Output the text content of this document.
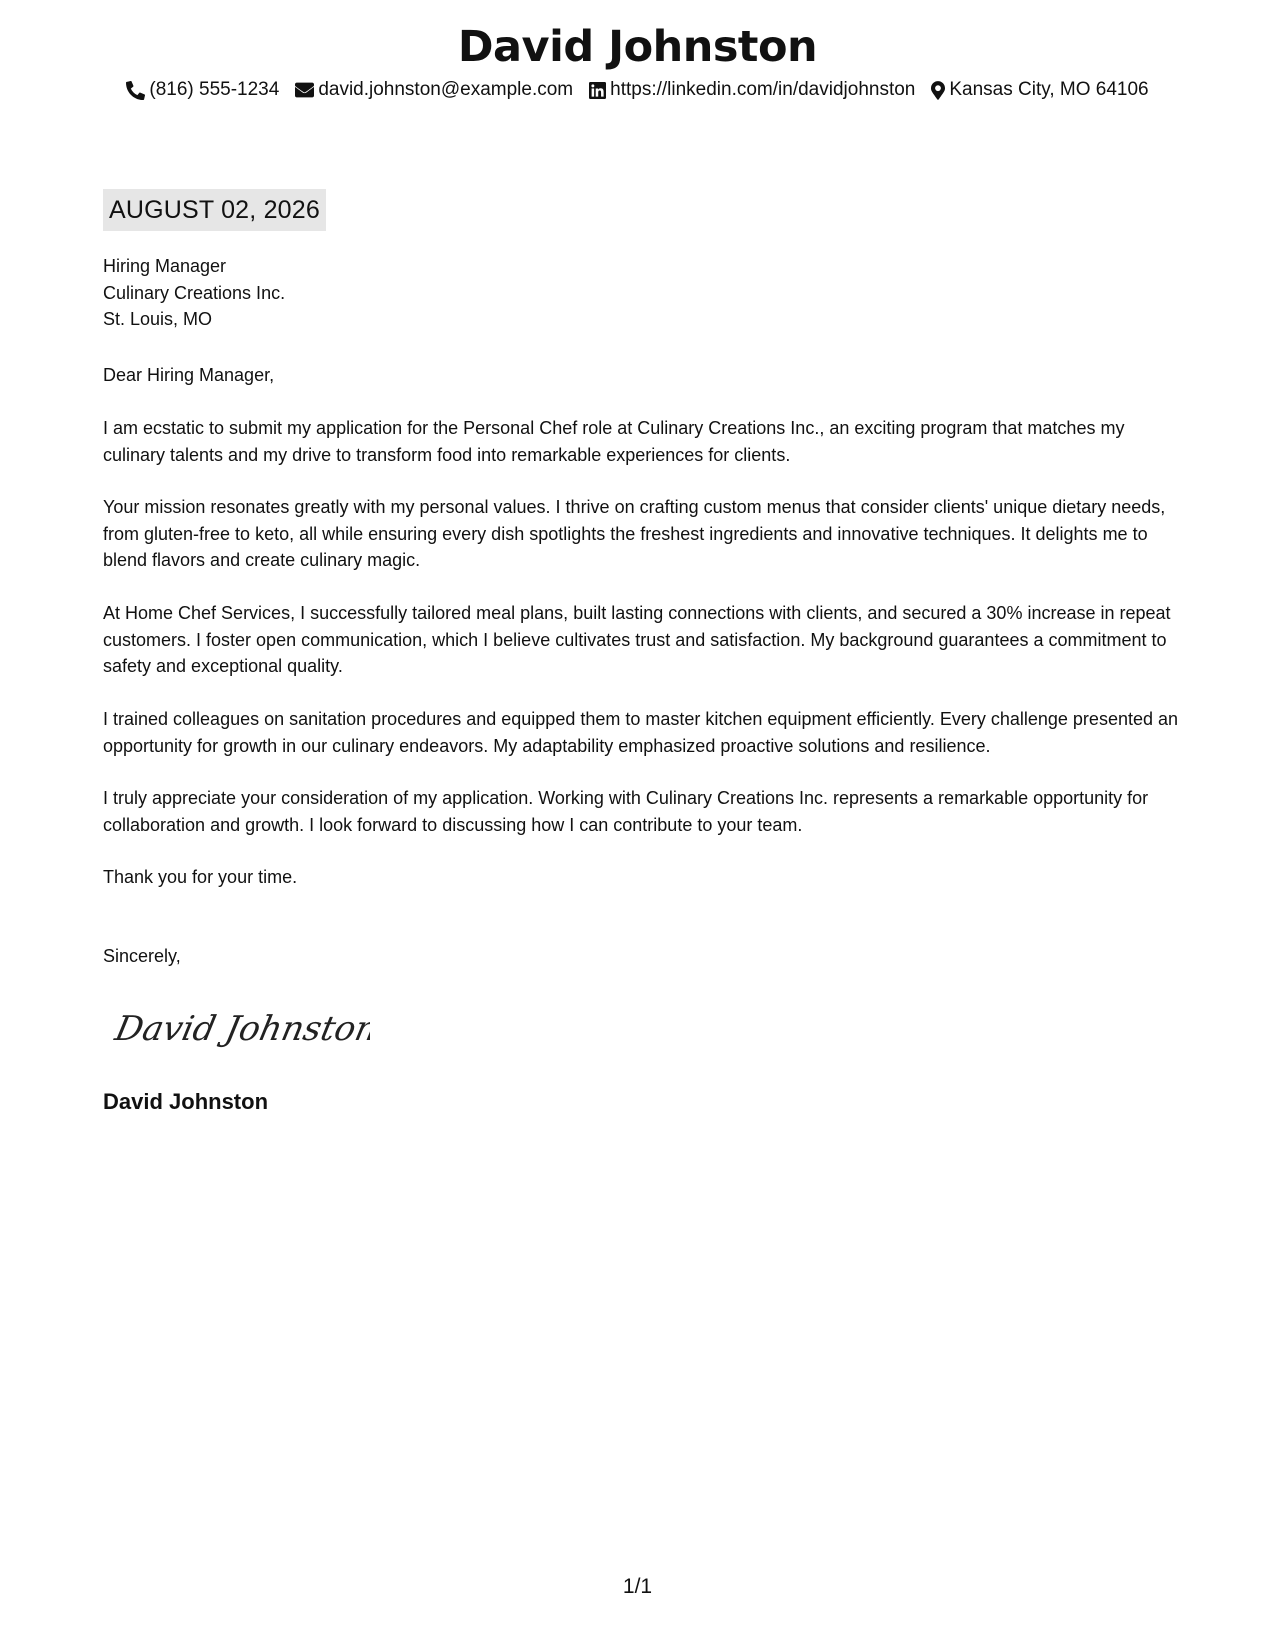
David Johnston
(816) 555-1234 david.johnston@example.com https://linkedin.com/in/davidjohnston Kansas City, MO 64106
AUGUST 02, 2026
Hiring Manager
Culinary Creations Inc.
St. Louis, MO
Dear Hiring Manager,
I am ecstatic to submit my application for the Personal Chef role at Culinary Creations Inc., an exciting program that matches my culinary talents and my drive to transform food into remarkable experiences for clients.
Your mission resonates greatly with my personal values. I thrive on crafting custom menus that consider clients' unique dietary needs, from gluten-free to keto, all while ensuring every dish spotlights the freshest ingredients and innovative techniques. It delights me to blend flavors and create culinary magic.
At Home Chef Services, I successfully tailored meal plans, built lasting connections with clients, and secured a 30% increase in repeat customers. I foster open communication, which I believe cultivates trust and satisfaction. My background guarantees a commitment to safety and exceptional quality.
I trained colleagues on sanitation procedures and equipped them to master kitchen equipment efficiently. Every challenge presented an opportunity for growth in our culinary endeavors. My adaptability emphasized proactive solutions and resilience.
I truly appreciate your consideration of my application. Working with Culinary Creations Inc. represents a remarkable opportunity for collaboration and growth. I look forward to discussing how I can contribute to your team.
Thank you for your time.
Sincerely,
David Johnston
David Johnston
1/1
